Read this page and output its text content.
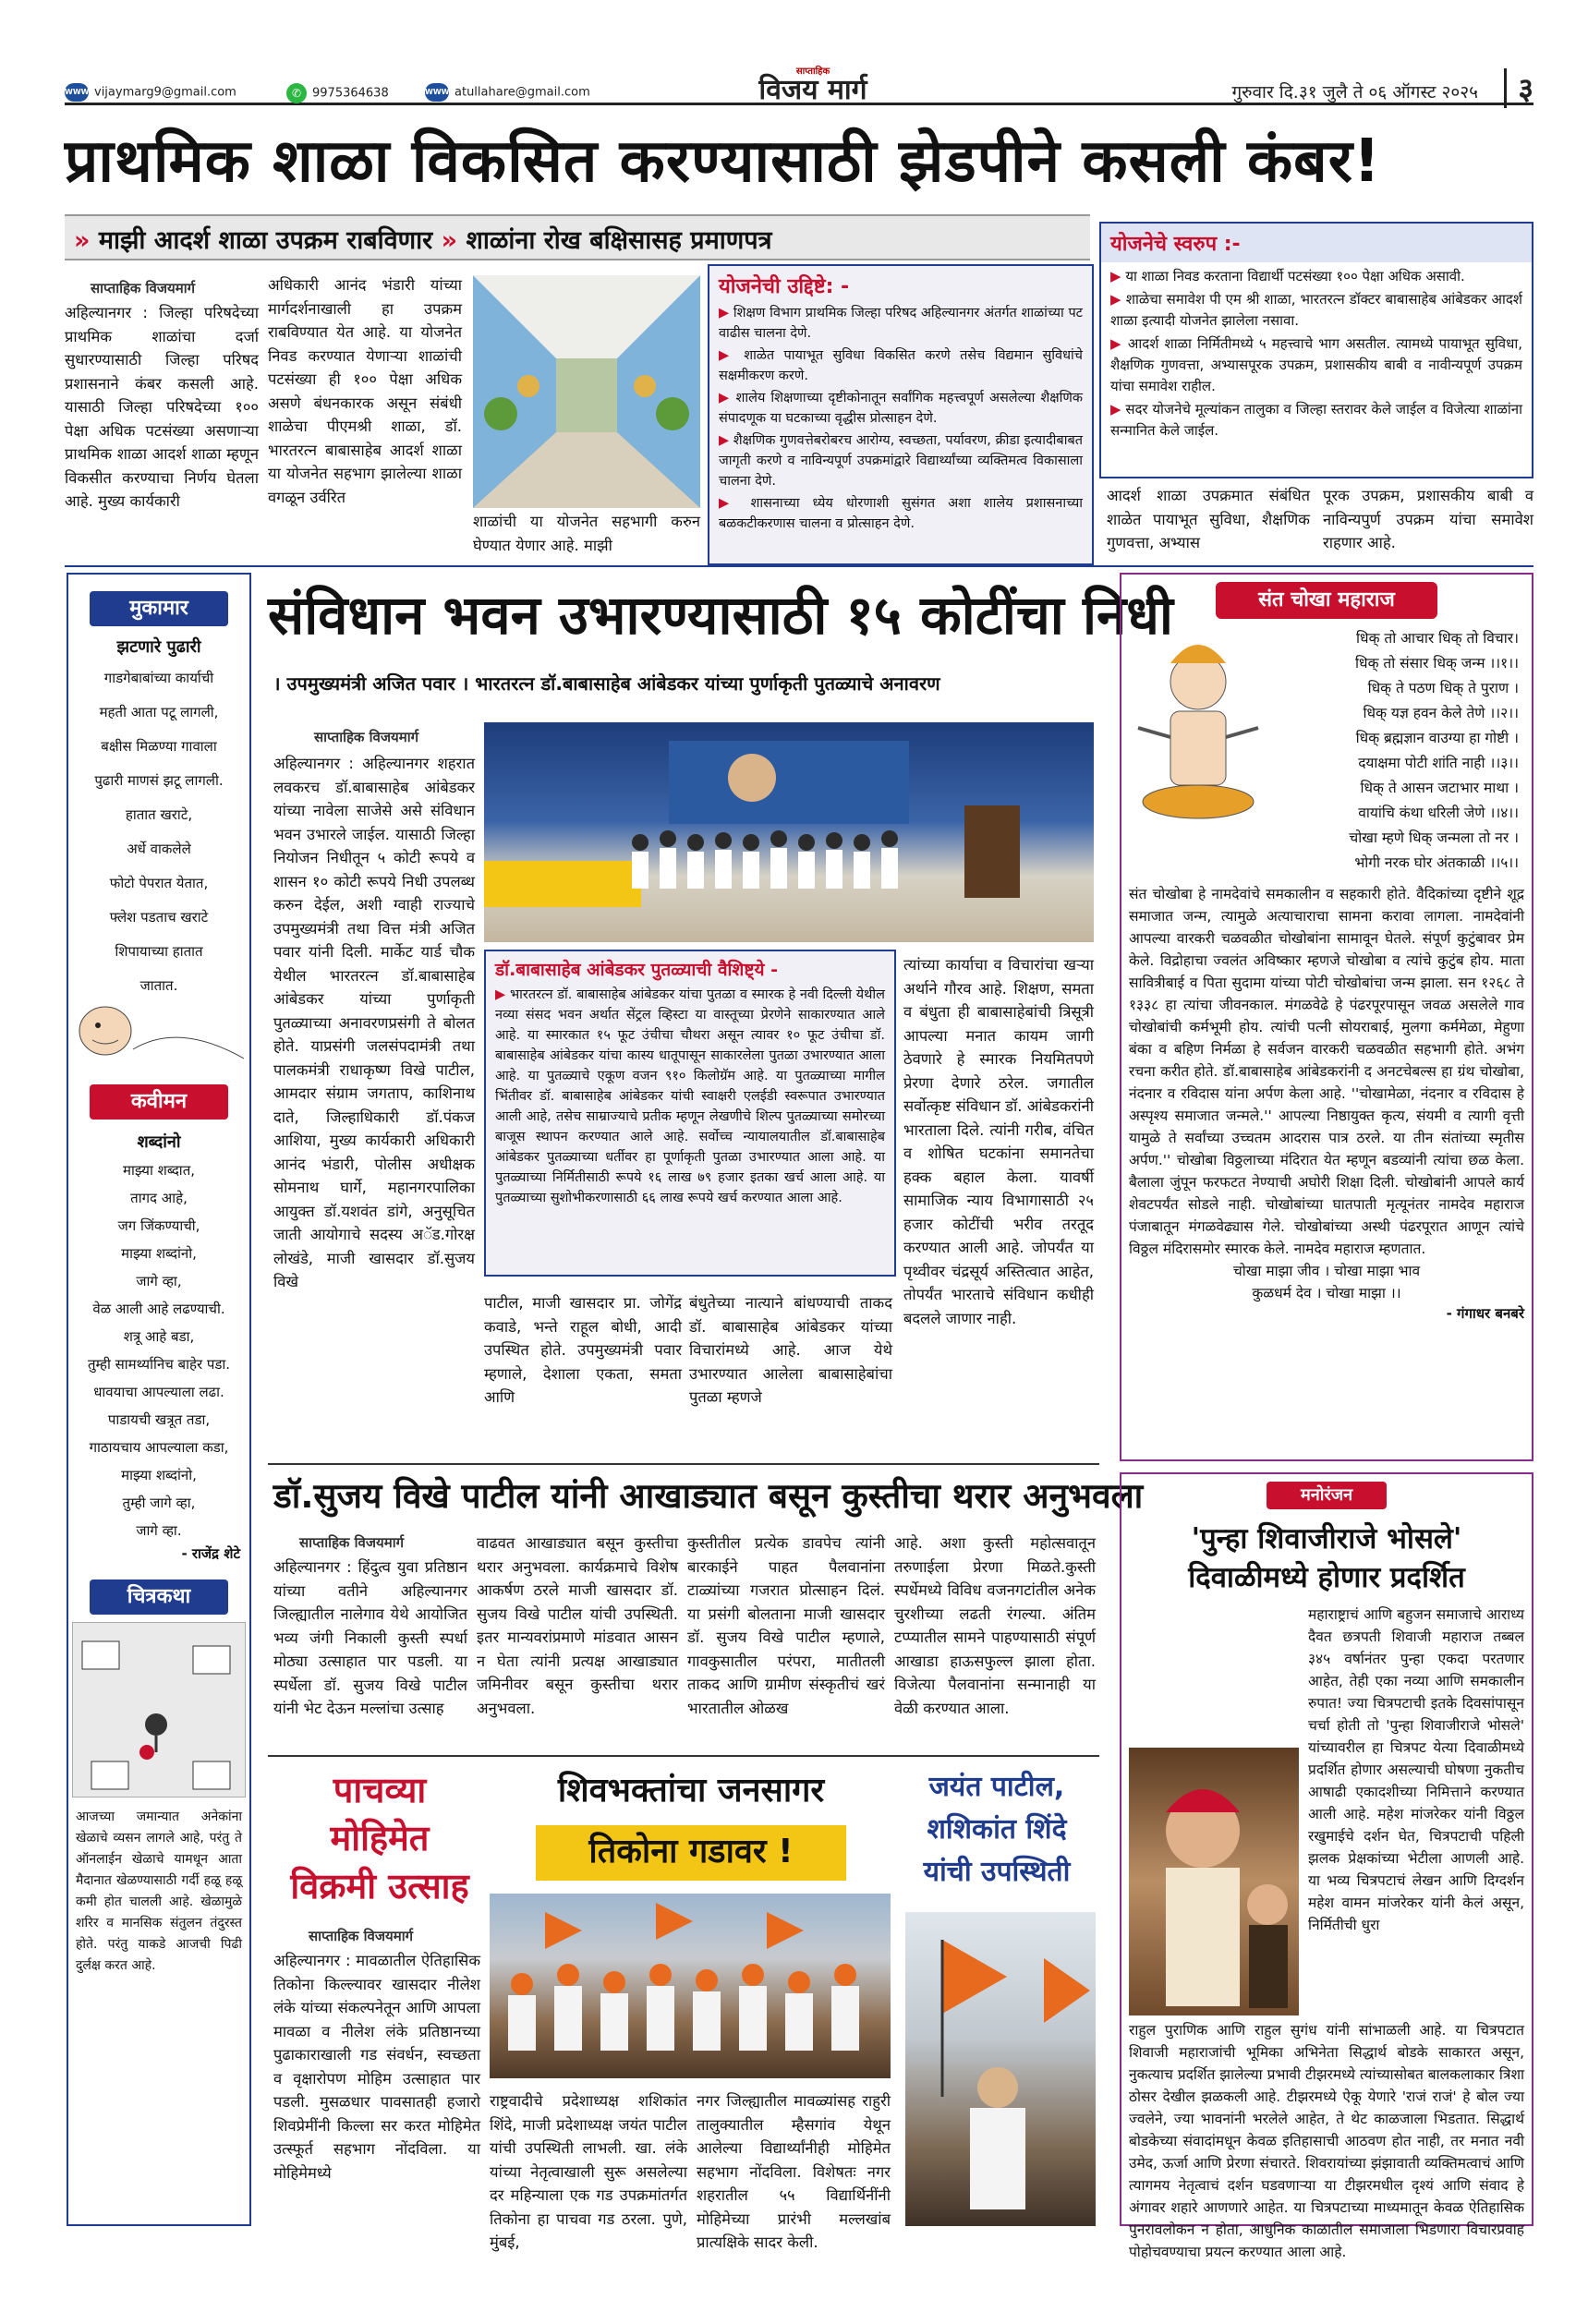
WWW vijaymarg9@gmail.com	✆ 9975364638	WWW atullahare@gmail.com
साप्ताहिक
विजय मार्ग	गुरुवार दि.३१ जुलै ते ०६ ऑगस्ट २०२५	३
प्राथमिक शाळा विकसित करण्यासाठी झेडपीने कसली कंबर!
» माझी आदर्श शाळा उपक्रम राबविणार » शाळांना रोख बक्षिसासह प्रमाणपत्र
साप्ताहिक विजयमार्ग
अहिल्यानगर : जिल्हा परिषदेच्या प्राथमिक शाळांचा दर्जा सुधारण्यासाठी जिल्हा परिषद प्रशासनाने कंबर कसली आहे. यासाठी जिल्हा परिषदेच्या १०० पेक्षा अधिक पटसंख्या असणाऱ्या प्राथमिक शाळा आदर्श शाळा म्हणून विकसीत करण्याचा निर्णय घेतला आहे. मुख्य कार्यकारी
अधिकारी आनंद भंडारी यांच्या मार्गदर्शनाखाली हा उपक्रम राबविण्यात येत आहे. या योजनेत निवड करण्यात येणाऱ्या शाळांची पटसंख्या ही १०० पेक्षा अधिक असणे बंधनकारक असून संबंधी शाळेचा पीएमश्री शाळा, डॉ. भारतरत्न बाबासाहेब आदर्श शाळा या योजनेत सहभाग झालेल्या शाळा वगळून उर्वरित
शाळांची या योजनेत सहभागी करुन घेण्यात येणार आहे. माझी
योजनेची उद्दिष्टे: -
▶ शिक्षण विभाग प्राथमिक जिल्हा परिषद अहिल्यानगर अंतर्गत शाळांच्या पट वाढीस चालना देणे.
▶ शाळेत पायाभूत सुविधा विकसित करणे तसेच विद्यमान सुविधांचे सक्षमीकरण करणे.
▶ शालेय शिक्षणाच्या दृष्टीकोनातून सर्वांगिक महत्त्वपूर्ण असलेल्या शैक्षणिक संपादणूक या घटकाच्या वृद्धीस प्रोत्साहन देणे.
▶ शैक्षणिक गुणवत्तेबरोबरच आरोग्य, स्वच्छता, पर्यावरण, क्रीडा इत्यादीबाबत जागृती करणे व नाविन्यपूर्ण उपक्रमांद्वारे विद्यार्थ्यांच्या व्यक्तिमत्व विकासाला चालना देणे.
▶ शासनाच्या ध्येय धोरणाशी सुसंगत अशा शालेय प्रशासनाच्या बळकटीकरणास चालना व प्रोत्साहन देणे.
योजनेचे स्वरुप :-
▶ या शाळा निवड करताना विद्यार्थी पटसंख्या १०० पेक्षा अधिक असावी.
▶ शाळेचा समावेश पी एम श्री शाळा, भारतरत्न डॉक्टर बाबासाहेब आंबेडकर आदर्श शाळा इत्यादी योजनेत झालेला नसावा.
▶ आदर्श शाळा निर्मितीमध्ये ५ महत्त्वाचे भाग असतील. त्यामध्ये पायाभूत सुविधा, शैक्षणिक गुणवत्ता, अभ्यासपूरक उपक्रम, प्रशासकीय बाबी व नावीन्यपूर्ण उपक्रम यांचा समावेश राहील.
▶ सदर योजनेचे मूल्यांकन तालुका व जिल्हा स्तरावर केले जाईल व विजेत्या शाळांना सन्मानित केले जाईल.
आदर्श शाळा उपक्रमात संबंधित शाळेत पायाभूत सुविधा, शैक्षणिक गुणवत्ता, अभ्यास
पूरक उपक्रम, प्रशासकीय बाबी व नाविन्यपुर्ण उपक्रम यांचा समावेश राहणार आहे.
मुकामार
झटणारे पुढारी
गाडगेबाबांच्या कार्याची
महती आता पटू लागली,
बक्षीस मिळण्या गावाला
पुढारी माणसं झटू लागली.
हातात खराटे,
अर्धे वाकलेले
फोटो पेपरात येतात,
फ्लेश पडताच खराटे
शिपायाच्या हातात
जातात.
कवीमन
शब्दांनो
माझ्या शब्दात,
तागद आहे,
जग जिंकण्याची,
माझ्या शब्दांनो,
जागे व्हा,
वेळ आली आहे लढण्याची.
शत्रू आहे बडा,
तुम्ही सामर्थ्यानिच बाहेर पडा.
धावयाचा आपल्याला लढा.
पाडायची खत्रूत तडा,
गाठायचाय आपल्याला कडा,
माझ्या शब्दांनो,
तुम्ही जागे व्हा,
जागे व्हा.
- राजेंद्र शेटे
चित्रकथा
आजच्या जमान्यात अनेकांना खेळाचे व्यसन लागले आहे, परंतु ते ऑनलाईन खेळाचे यामधून आता मैदानात खेळण्यासाठी गर्दी हळू हळू कमी होत चालली आहे. खेळामुळे शरिर व मानसिक संतुलन तंदुरस्त होते. परंतु याकडे आजची पिढी दुर्लक्ष करत आहे.
संविधान भवन उभारण्यासाठी १५ कोटींचा निधी
। उपमुख्यमंत्री अजित पवार । भारतरत्न डॉ.बाबासाहेब आंबेडकर यांच्या पुर्णाकृती पुतळ्याचे अनावरण
साप्ताहिक विजयमार्ग
अहिल्यानगर : अहिल्यानगर शहरात लवकरच डॉ.बाबासाहेब आंबेडकर यांच्या नावेला साजेसे असे संविधान भवन उभारले जाईल. यासाठी जिल्हा नियोजन निधीतून ५ कोटी रूपये व शासन १० कोटी रूपये निधी उपलब्ध करुन देईल, अशी ग्वाही राज्याचे उपमुख्यमंत्री तथा वित्त मंत्री अजित पवार यांनी दिली. मार्केट यार्ड चौक येथील भारतरत्न डॉ.बाबासाहेब आंबेडकर यांच्या पुर्णाकृती पुतळ्याच्या अनावरणप्रसंगी ते बोलत होते. याप्रसंगी जलसंपदामंत्री तथा पालकमंत्री राधाकृष्ण विखे पाटील, आमदार संग्राम जगताप, काशिनाथ दाते, जिल्हाधिकारी डॉ.पंकज आशिया, मुख्य कार्यकारी अधिकारी आनंद भंडारी, पोलीस अधीक्षक सोमनाथ घार्गे, महानगरपालिका आयुक्त डॉ.यशवंत डांगे, अनुसूचित जाती आयोगाचे सदस्य अॅड.गोरक्ष लोखंडे, माजी खासदार डॉ.सुजय विखे
डॉ.बाबासाहेब आंबेडकर पुतळ्याची वैशिष्ट्ये -
▶ भारतरत्न डॉ. बाबासाहेब आंबेडकर यांचा पुतळा व स्मारक हे नवी दिल्ली येथील नव्या संसद भवन अर्थात सेंट्रल व्हिस्टा या वास्तूच्या प्रेरणेने साकारण्यात आले आहे. या स्मारकात १५ फूट उंचीचा चौथरा असून त्यावर १० फूट उंचीचा डॉ. बाबासाहेब आंबेडकर यांचा कास्य धातूपासून साकारलेला पुतळा उभारण्यात आला आहे. या पुतळ्याचे एकूण वजन ९१० किलोग्रॅम आहे. या पुतळ्याच्या मागील भिंतीवर डॉ. बाबासाहेब आंबेडकर यांची स्वाक्षरी एलईडी स्वरूपात उभारण्यात आली आहे, तसेच साम्राज्याचे प्रतीक म्हणून लेखणीचे शिल्प पुतळ्याच्या समोरच्या बाजूस स्थापन करण्यात आले आहे. सर्वोच्च न्यायालयातील डॉ.बाबासाहेब आंबेडकर पुतळ्याच्या धर्तीवर हा पूर्णाकृती पुतळा उभारण्यात आला आहे. या पुतळ्याच्या निर्मितीसाठी रूपये १६ लाख ७९ हजार इतका खर्च आला आहे. या पुतळ्याच्या सुशोभीकरणासाठी ६६ लाख रूपये खर्च करण्यात आला आहे.
त्यांच्या कार्याचा व विचारांचा खऱ्या अर्थाने गौरव आहे. शिक्षण, समता व बंधुता ही बाबासाहेबांची त्रिसूत्री आपल्या मनात कायम जागी ठेवणारे हे स्मारक नियमितपणे प्रेरणा देणारे ठरेल. जगातील सर्वोत्कृष्ट संविधान डॉ. आंबेडकरांनी भारताला दिले. त्यांनी गरीब, वंचित व शोषित घटकांना समानतेचा हक्क बहाल केला. यावर्षी सामाजिक न्याय विभागासाठी २५ हजार कोटींची भरीव तरतूद करण्यात आली आहे. जोपर्यंत या पृथ्वीवर चंद्रसूर्य अस्तित्वात आहेत, तोपर्यंत भारताचे संविधान कधीही बदलले जाणार नाही.
पाटील, माजी खासदार प्रा. जोगेंद्र कवाडे, भन्ते राहूल बोधी, आदी उपस्थित होते. उपमुख्यमंत्री पवार म्हणाले, देशाला एकता, समता आणि
बंधुतेच्या नात्याने बांधण्याची ताकद डॉ. बाबासाहेब आंबेडकर यांच्या विचारांमध्ये आहे. आज येथे उभारण्यात आलेला बाबासाहेबांचा पुतळा म्हणजे
संत चोखा महाराज
धिक् तो आचार धिक् तो विचार।
धिक् तो संसार धिक् जन्म ।।१।।
धिक् ते पठण धिक् ते पुराण ।
धिक् यज्ञ हवन केले तेणे ।।२।।
धिक् ब्रह्मज्ञान वाउग्या हा गोष्टी ।
दयाक्षमा पोटी शांति नाही ।।३।।
धिक् ते आसन जटाभार माथा ।
वायांचि कंथा धरिली जेणे ।।४।।
चोखा म्हणे धिक् जन्मला तो नर ।
भोगी नरक घोर अंतकाळी ।।५।।
संत चोखोबा हे नामदेवांचे समकालीन व सहकारी होते. वैदिकांच्या दृष्टीने शूद्र समाजात जन्म, त्यामुळे अत्याचाराचा सामना करावा लागला. नामदेवांनी आपल्या वारकरी चळवळीत चोखोबांना सामावून घेतले. संपूर्ण कुटुंबावर प्रेम केले. विद्रोहाचा ज्वलंत अविष्कार म्हणजे चोखोबा व त्यांचे कुटुंब होय. माता सावित्रीबाई व पिता सुदामा यांच्या पोटी चोखोबांचा जन्म झाला. सन १२६८ ते १३३८ हा त्यांचा जीवनकाल. मंगळवेढे हे पंढरपूरपासून जवळ असलेले गाव चोखोबांची कर्मभूमी होय. त्यांची पत्नी सोयराबाई, मुलगा कर्ममेळा, मेहुणा बंका व बहिण निर्मळा हे सर्वजन वारकरी चळवळीत सहभागी होते. अभंग रचना करीत होते. डॉ.बाबासाहेब आंबेडकरांनी द अनटचेबल्स हा ग्रंथ चोखोबा, नंदनार व रविदास यांना अर्पण केला आहे. ''चोखामेळा, नंदनार व रविदास हे अस्पृश्य समाजात जन्मले.'' आपल्या निष्ठायुक्त कृत्य, संयमी व त्यागी वृत्ती यामुळे ते सर्वांच्या उच्चतम आदरास पात्र ठरले. या तीन संतांच्या स्मृतीस अर्पण.'' चोखोबा विठ्ठलाच्या मंदिरात येत म्हणून बडव्यांनी त्यांचा छळ केला. बैलाला जुंपून फरफटत नेण्याची अघोरी शिक्षा दिली. चोखोबांनी आपले कार्य शेवटपर्यंत सोडले नाही. चोखोबांच्या घातपाती मृत्यूनंतर नामदेव महाराज पंजाबातून मंगळवेढ्यास गेले. चोखोबांच्या अस्थी पंढरपूरात आणून त्यांचे विठ्ठल मंदिरासमोर स्मारक केले. नामदेव महाराज म्हणतात.
चोखा माझा जीव । चोखा माझा भाव
कुळधर्म देव । चोखा माझा ।।
- गंगाधर बनबरे
डॉ.सुजय विखे पाटील यांनी आखाड्यात बसून कुस्तीचा थरार अनुभवला
साप्ताहिक विजयमार्ग
अहिल्यानगर : हिंदुत्व युवा प्रतिष्ठान यांच्या वतीने अहिल्यानगर जिल्ह्यातील नालेगाव येथे आयोजित भव्य जंगी निकाली कुस्ती स्पर्धा मोठ्या उत्साहात पार पडली. या स्पर्धेला डॉ. सुजय विखे पाटील यांनी भेट देऊन मल्लांचा उत्साह
वाढवत आखाड्यात बसून कुस्तीचा थरार अनुभवला. कार्यक्रमाचे विशेष आकर्षण ठरले माजी खासदार डॉ. सुजय विखे पाटील यांची उपस्थिती. इतर मान्यवरांप्रमाणे मांडवात आसन न घेता त्यांनी प्रत्यक्ष आखाड्यात जमिनीवर बसून कुस्तीचा थरार अनुभवला.
कुस्तीतील प्रत्येक डावपेच त्यांनी बारकाईने पाहत पैलवानांना टाळ्यांच्या गजरात प्रोत्साहन दिलं. या प्रसंगी बोलताना माजी खासदार डॉ. सुजय विखे पाटील म्हणाले, गावकुसातील परंपरा, मातीतली ताकद आणि ग्रामीण संस्कृतीचं खरं भारतातील ओळख
आहे. अशा कुस्ती महोत्सवातून तरुणाईला प्रेरणा मिळते.कुस्ती स्पर्धेमध्ये विविध वजनगटांतील अनेक चुरशीच्या लढती रंगल्या. अंतिम टप्प्यातील सामने पाहण्यासाठी संपूर्ण आखाडा हाऊसफुल्ल झाला होता. विजेत्या पैलवानांना सन्मानाही या वेळी करण्यात आला.
मनोरंजन
'पुन्हा शिवाजीराजे भोसले'
दिवाळीमध्ये होणार प्रदर्शित
महाराष्ट्राचं आणि बहुजन समाजाचे आराध्य दैवत छत्रपती शिवाजी महाराज तब्बल ३४५ वर्षानंतर पुन्हा एकदा परतणार आहेत, तेही एका नव्या आणि समकालीन रुपात! ज्या चित्रपटाची इतके दिवसांपासून चर्चा होती तो 'पुन्हा शिवाजीराजे भोसले' यांच्यावरील हा चित्रपट येत्या दिवाळीमध्ये प्रदर्शित होणार असल्याची घोषणा नुकतीच आषाढी एकादशीच्या निमित्ताने करण्यात आली आहे. महेश मांजरेकर यांनी विठ्ठल रखुमाईचे दर्शन घेत, चित्रपटाची पहिली झलक प्रेक्षकांच्या भेटीला आणली आहे. या भव्य चित्रपटाचं लेखन आणि दिग्दर्शन महेश वामन मांजरेकर यांनी केलं असून, निर्मितीची धुरा
राहुल पुराणिक आणि राहुल सुगंध यांनी सांभाळली आहे. या चित्रपटात शिवाजी महाराजांची भूमिका अभिनेता सिद्धार्थ बोडके साकारत असून, नुकत्याच प्रदर्शित झालेल्या प्रभावी टीझरमध्ये त्यांच्यासोबत बालकलाकार त्रिशा ठोसर देखील झळकली आहे. टीझरमध्ये ऐकू येणारे 'राजं राजं' हे बोल ज्या ज्वलेने, ज्या भावनांनी भरलेले आहेत, ते थेट काळजाला भिडतात. सिद्धार्थ बोडकेच्या संवादांमधून केवळ इतिहासाची आठवण होत नाही, तर मनात नवी उमेद, ऊर्जा आणि प्रेरणा संचारते. शिवरायांच्या झंझावाती व्यक्तिमत्वाचं आणि त्यागमय नेतृत्वाचं दर्शन घडवणाऱ्या या टीझरमधील दृश्यं आणि संवाद हे अंगावर शहारे आणणारे आहेत. या चित्रपटाच्या माध्यमातून केवळ ऐतिहासिक पुनरावलोकन न होता, आधुनिक काळातील समाजाला भिडणारा विचारप्रवाह पोहोचवण्याचा प्रयत्न करण्यात आला आहे.
पाचव्या
मोहिमेत
विक्रमी उत्साह
शिवभक्तांचा जनसागर
तिकोना गडावर !
जयंत पाटील,
शशिकांत शिंदे
यांची उपस्थिती
साप्ताहिक विजयमार्ग
अहिल्यानगर : मावळातील ऐतिहासिक तिकोना किल्ल्यावर खासदार नीलेश लंके यांच्या संकल्पनेतून आणि आपला मावळा व नीलेश लंके प्रतिष्ठानच्या पुढाकाराखाली गड संवर्धन, स्वच्छता व वृक्षारोपण मोहिम उत्साहात पार पडली. मुसळधार पावसातही हजारो शिवप्रेमींनी किल्ला सर करत मोहिमेत उत्स्फूर्त सहभाग नोंदविला. या मोहिमेमध्ये
राष्ट्रवादीचे प्रदेशाध्यक्ष शशिकांत शिंदे, माजी प्रदेशाध्यक्ष जयंत पाटील यांची उपस्थिती लाभली. खा. लंके यांच्या नेतृत्वाखाली सुरू असलेल्या दर महिन्याला एक गड उपक्रमांतर्गत तिकोना हा पाचवा गड ठरला. पुणे, मुंबई,
नगर जिल्ह्यातील मावळ्यांसह राहुरी तालुक्यातील म्हैसगांव येथून आलेल्या विद्यार्थ्यांनीही मोहिमेत सहभाग नोंदविला. विशेषतः नगर शहरातील ५५ विद्यार्थिनींनी मोहिमेच्या प्रारंभी मल्लखांब प्रात्यक्षिके सादर केली.
